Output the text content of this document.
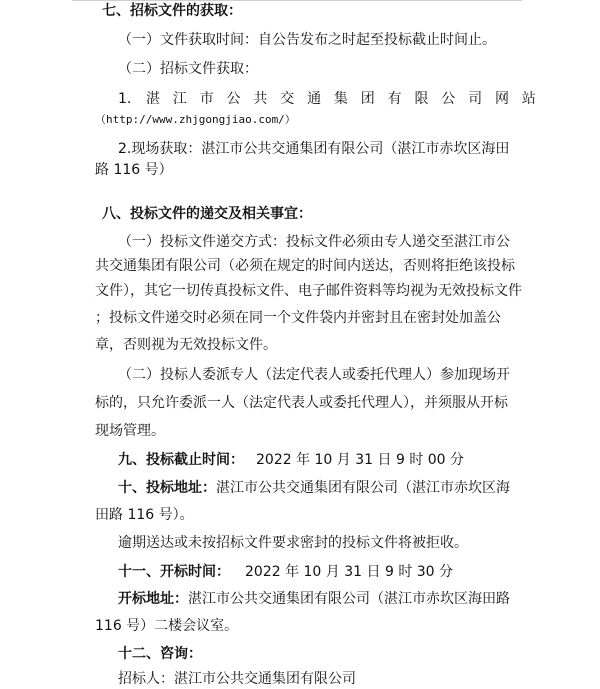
七、招标文件的获取：
（一）文件获取时间：自公告发布之时起至投标截止时间止。
（二）招标文件获取：
1. 湛 江 市 公 共 交 通 集 团 有 限 公 司 网 站
（http://www.zhjgongjiao.com/）
2.现场获取：湛江市公共交通集团有限公司（湛江市赤坎区海田
路 116 号）
八、投标文件的递交及相关事宜：
（一）投标文件递交方式：投标文件必须由专人递交至湛江市公
共交通集团有限公司（必须在规定的时间内送达，否则将拒绝该投标
文件），其它一切传真投标文件、电子邮件资料等均视为无效投标文件
；投标文件递交时必须在同一个文件袋内并密封且在密封处加盖公
章，否则视为无效投标文件。
（二）投标人委派专人（法定代表人或委托代理人）参加现场开
标的，只允许委派一人（法定代表人或委托代理人），并须服从开标
现场管理。
九、投标截止时间： 2022 年 10 月 31 日 9 时 00 分
十、投标地址： 湛江市公共交通集团有限公司（湛江市赤坎区海
田路 116 号）。
逾期送达或未按招标文件要求密封的投标文件将被拒收。
十一、开标时间： 2022 年 10 月 31 日 9 时 30 分
开标地址： 湛江市公共交通集团有限公司（湛江市赤坎区海田路
116 号）二楼会议室。
十二、咨询：
招标人：湛江市公共交通集团有限公司
